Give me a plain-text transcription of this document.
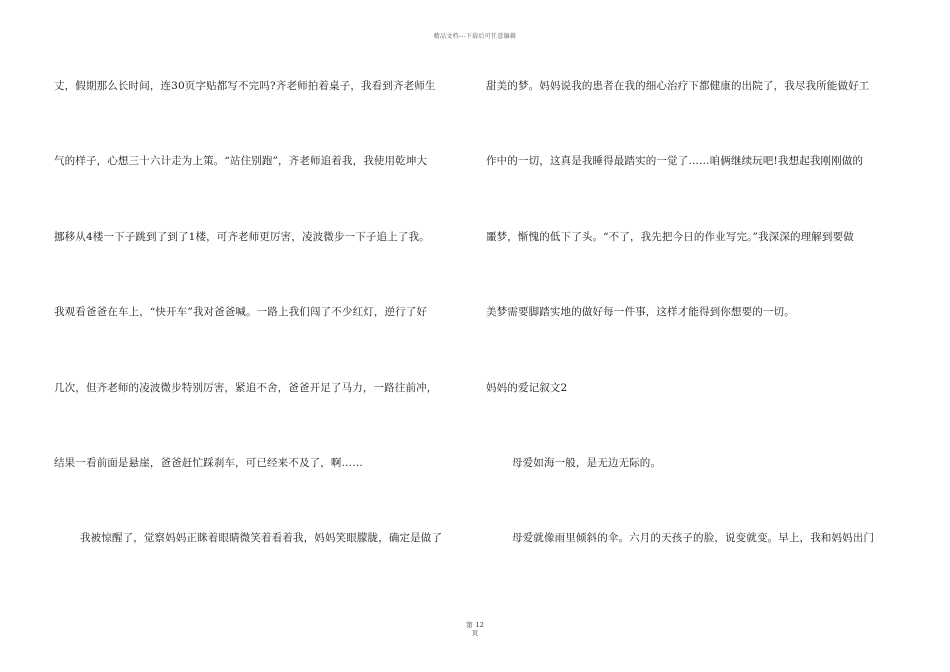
精品文档---下载后可任意编辑
丈，假期那么长时间，连30页字贴都写不完吗?齐老师拍着桌子，我看到齐老师生
气的样子，心想三十六计走为上策。“站住别跑”，齐老师追着我，我使用乾坤大
挪移从4楼一下子跳到了到了1楼，可齐老师更厉害，凌波微步一下子追上了我。
我观看爸爸在车上，“快开车”我对爸爸喊。一路上我们闯了不少红灯，逆行了好
几次，但齐老师的凌波微步特别厉害，紧追不舍，爸爸开足了马力，一路往前冲，
结果一看前面是悬崖，爸爸赶忙踩刹车，可已经来不及了，啊……
我被惊醒了，觉察妈妈正眯着眼睛微笑着看着我，妈妈笑眼朦胧，确定是做了
甜美的梦。妈妈说我的患者在我的细心治疗下都健康的出院了，我尽我所能做好工
作中的一切，这真是我睡得最踏实的一觉了……咱俩继续玩吧!我想起我刚刚做的
噩梦，惭愧的低下了头。“不了，我先把今日的作业写完。”我深深的理解到要做
美梦需要脚踏实地的做好每一件事，这样才能得到你想要的一切。
妈妈的爱记叙文2
母爱如海一般，是无边无际的。
母爱就像雨里倾斜的伞。六月的天孩子的脸，说变就变。早上，我和妈妈出门
第 12
页
